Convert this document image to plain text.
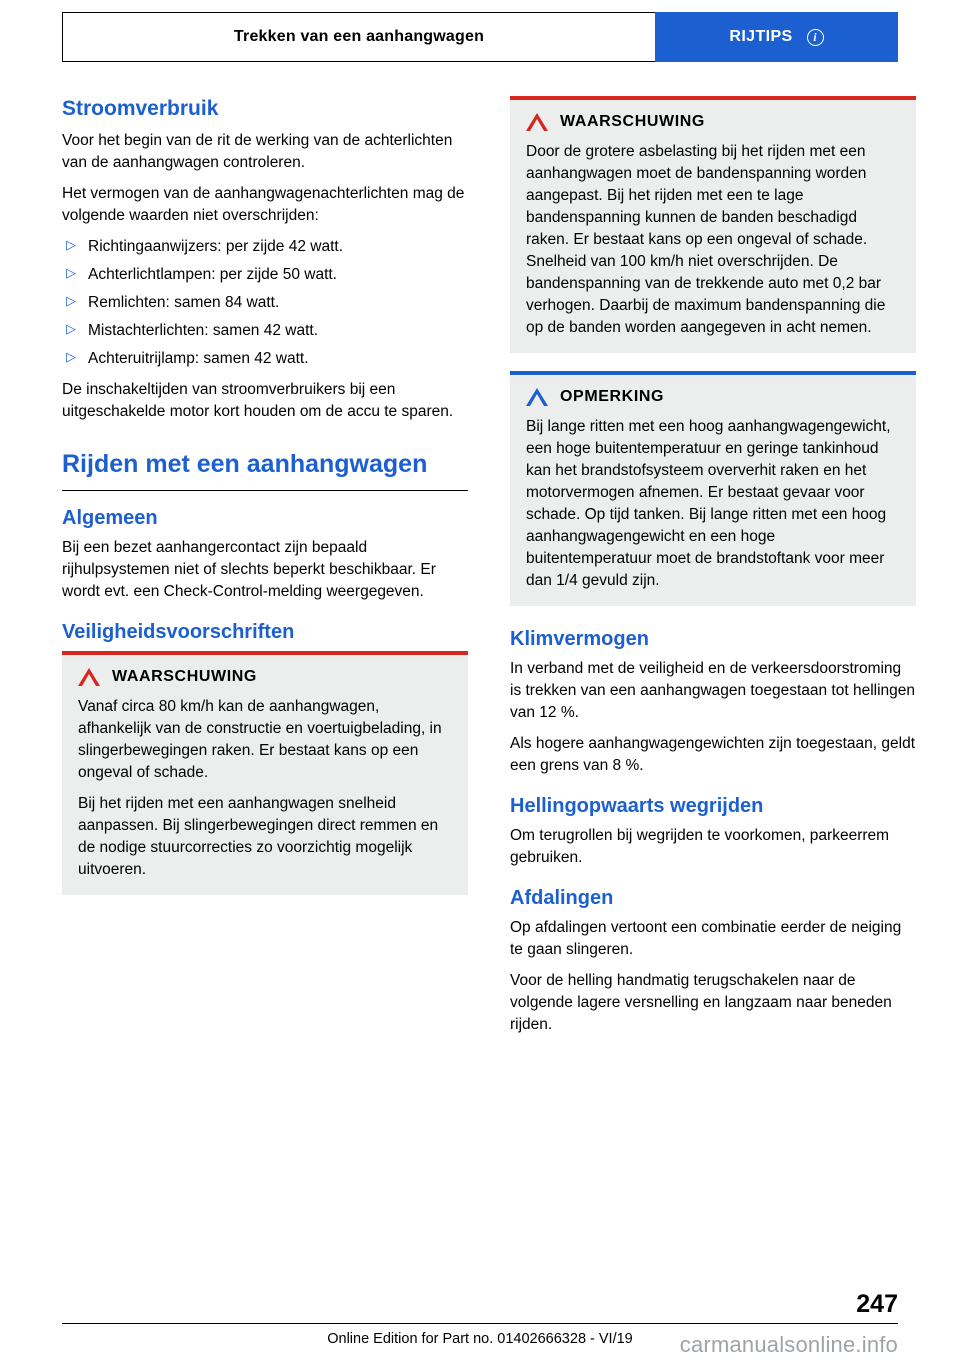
Trekken van een aanhangwagen	RIJTIPS	i
Stroomverbruik

Voor het begin van de rit de werking van de achterlichten van de aanhangwagen controleren.

Het vermogen van de aanhangwagenachterlichten mag de volgende waarden niet overschrijden:

▷ Richtingaanwijzers: per zijde 42 watt.
▷ Achterlichtlampen: per zijde 50 watt.
▷ Remlichten: samen 84 watt.
▷ Mistachterlichten: samen 42 watt.
▷ Achteruitrijlamp: samen 42 watt.

De inschakeltijden van stroomverbruikers bij een uitgeschakelde motor kort houden om de accu te sparen.

Rijden met een aanhangwagen
Algemeen

Bij een bezet aanhangercontact zijn bepaald rijhulpsystemen niet of slechts beperkt beschikbaar. Er wordt evt. een Check-Control-melding weergegeven.

Veiligheidsvoorschriften
!	WAARSCHUWING

Vanaf circa 80 km/h kan de aanhangwagen, afhankelijk van de constructie en voertuigbelading, in slingerbewegingen raken. Er bestaat kans op een ongeval of schade.

Bij het rijden met een aanhangwagen snelheid aanpassen. Bij slingerbewegingen direct remmen en de nodige stuurcorrecties zo voorzichtig mogelijk uitvoeren.

!	WAARSCHUWING

Door de grotere asbelasting bij het rijden met een aanhangwagen moet de bandenspanning worden aangepast. Bij het rijden met een te lage bandenspanning kunnen de banden beschadigd raken. Er bestaat kans op een ongeval of schade. Snelheid van 100 km/h niet overschrijden. De bandenspanning van de trekkende auto met 0,2 bar verhogen. Daarbij de maximum bandenspanning die op de banden worden aangegeven in acht nemen.

!	OPMERKING

Bij lange ritten met een hoog aanhangwagengewicht, een hoge buitentemperatuur en geringe tankinhoud kan het brandstofsysteem oververhit raken en het motorvermogen afnemen. Er bestaat gevaar voor schade. Op tijd tanken. Bij lange ritten met een hoog aanhangwagengewicht en een hoge buitentemperatuur moet de brandstoftank voor meer dan 1/4 gevuld zijn.

Klimvermogen

In verband met de veiligheid en de verkeersdoorstroming is trekken van een aanhangwagen toegestaan tot hellingen van 12 %.

Als hogere aanhangwagengewichten zijn toegestaan, geldt een grens van 8 %.

Hellingopwaarts wegrijden

Om terugrollen bij wegrijden te voorkomen, parkeerrem gebruiken.

Afdalingen

Op afdalingen vertoont een combinatie eerder de neiging te gaan slingeren.

Voor de helling handmatig terugschakelen naar de volgende lagere versnelling en langzaam naar beneden rijden.

247
Online Edition for Part no. 01402666328 - VI/19	carmanualsonline.info
